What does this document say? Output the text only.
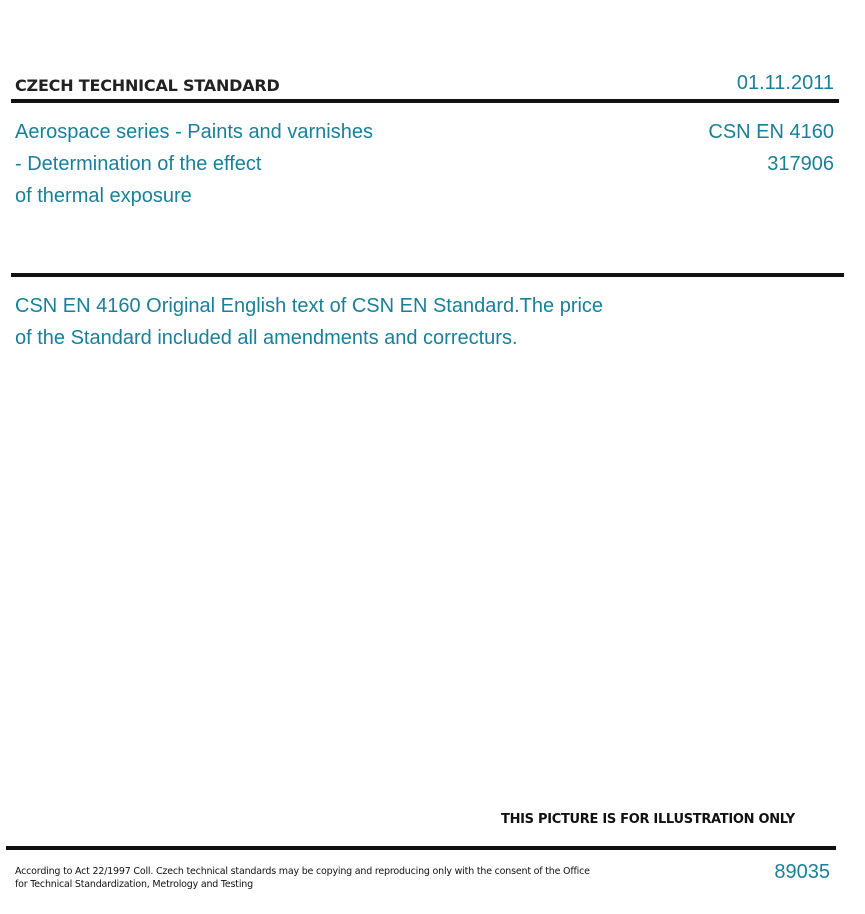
CZECH TECHNICAL STANDARD	01.11.2011
Aerospace series - Paints and varnishes
- Determination of the effect
of thermal exposure
CSN EN 4160
317906
CSN EN 4160 Original English text of CSN EN Standard.The price
of the Standard included all amendments and correcturs.
THIS PICTURE IS FOR ILLUSTRATION ONLY
According to Act 22/1997 Coll. Czech technical standards may be copying and reproducing only with the consent of the Office
for Technical Standardization, Metrology and Testing
89035
